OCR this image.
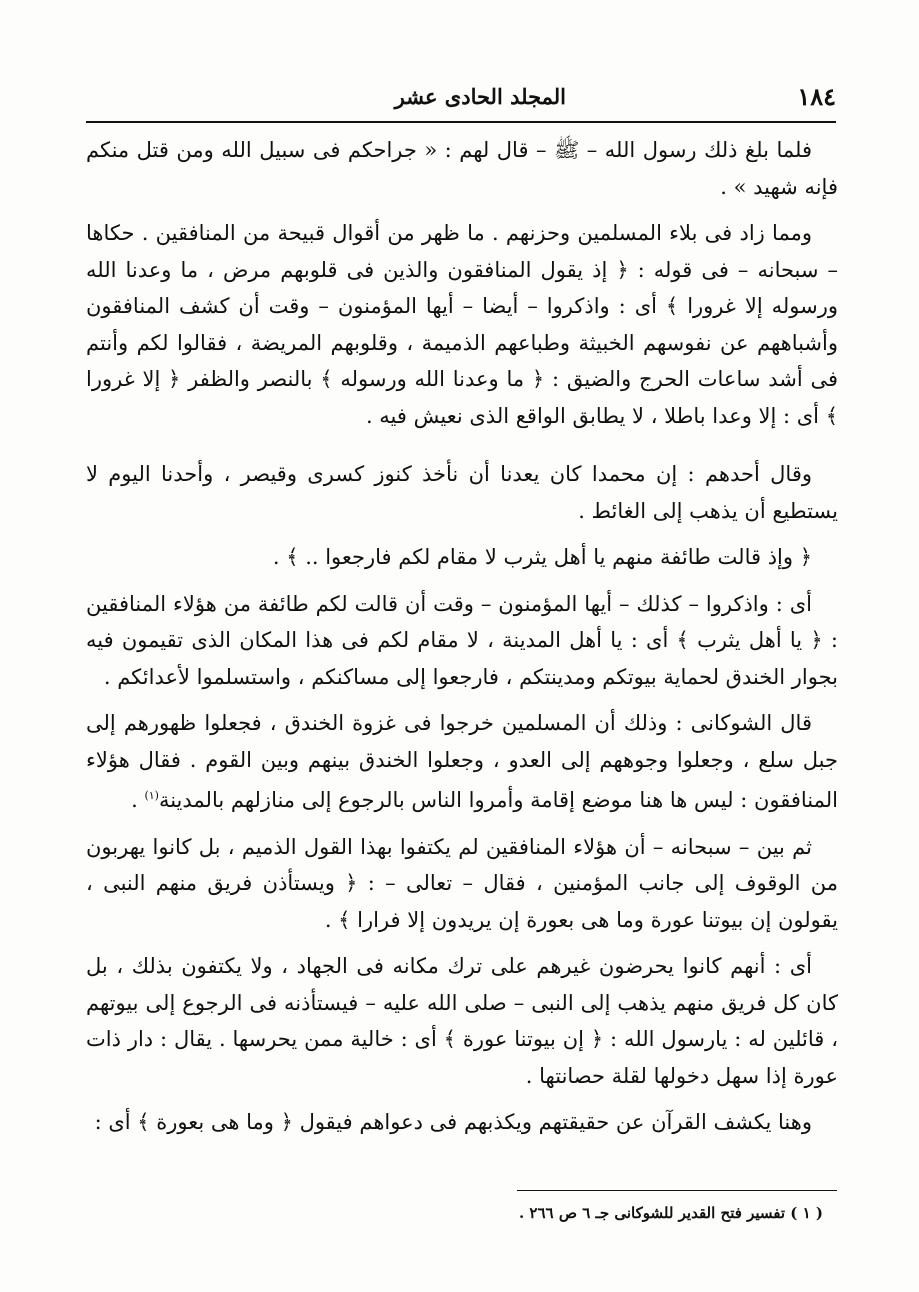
١٨٤
المجلد الحادى عشر

فلما بلغ ذلك رسول الله – ﷺ – قال لهم : « جراحكم فى سبيل الله ومن قتل منكم فإنه شهيد » .

ومما زاد فى بلاء المسلمين وحزنهم . ما ظهر من أقوال قبيحة من المنافقين . حكاها – سبحانه – فى قوله : ﴿ إذ يقول المنافقون والذين فى قلوبهم مرض ، ما وعدنا الله ورسوله إلا غرورا ﴾ أى : واذكروا – أيضا – أيها المؤمنون – وقت أن كشف المنافقون وأشباههم عن نفوسهم الخبيثة وطباعهم الذميمة ، وقلوبهم المريضة ، فقالوا لكم وأنتم فى أشد ساعات الحرج والضيق : ﴿ ما وعدنا الله ورسوله ﴾ بالنصر والظفر ﴿ إلا غرورا ﴾ أى : إلا وعدا باطلا ، لا يطابق الواقع الذى نعيش فيه .

وقال أحدهم : إن محمدا كان يعدنا أن نأخذ كنوز كسرى وقيصر ، وأحدنا اليوم لا يستطيع أن يذهب إلى الغائط .

﴿ وإذ قالت طائفة منهم يا أهل يثرب لا مقام لكم فارجعوا .. ﴾ .

أى : واذكروا – كذلك – أيها المؤمنون – وقت أن قالت لكم طائفة من هؤلاء المنافقين : ﴿ يا أهل يثرب ﴾ أى : يا أهل المدينة ، لا مقام لكم فى هذا المكان الذى تقيمون فيه بجوار الخندق لحماية بيوتكم ومدينتكم ، فارجعوا إلى مساكنكم ، واستسلموا لأعدائكم .

قال الشوكانى : وذلك أن المسلمين خرجوا فى غزوة الخندق ، فجعلوا ظهورهم إلى جبل سلع ، وجعلوا وجوههم إلى العدو ، وجعلوا الخندق بينهم وبين القوم . فقال هؤلاء المنافقون : ليس ها هنا موضع إقامة وأمروا الناس بالرجوع إلى منازلهم بالمدينة$^{(١)}$ .

ثم بين – سبحانه – أن هؤلاء المنافقين لم يكتفوا بهذا القول الذميم ، بل كانوا يهربون من الوقوف إلى جانب المؤمنين ، فقال – تعالى – : ﴿ ويستأذن فريق منهم النبى ، يقولون إن بيوتنا عورة وما هى بعورة إن يريدون إلا فرارا ﴾ .

أى : أنهم كانوا يحرضون غيرهم على ترك مكانه فى الجهاد ، ولا يكتفون بذلك ، بل كان كل فريق منهم يذهب إلى النبى – صلى الله عليه – فيستأذنه فى الرجوع إلى بيوتهم ، قائلين له : يارسول الله : ﴿ إن بيوتنا عورة ﴾ أى : خالية ممن يحرسها . يقال : دار ذات عورة إذا سهل دخولها لقلة حصانتها .

وهنا يكشف القرآن عن حقيقتهم ويكذبهم فى دعواهم فيقول ﴿ وما هى بعورة ﴾ أى :

( ١ ) تفسير فتح القدير للشوكانى جـ ٦ ص ٢٦٦ .
